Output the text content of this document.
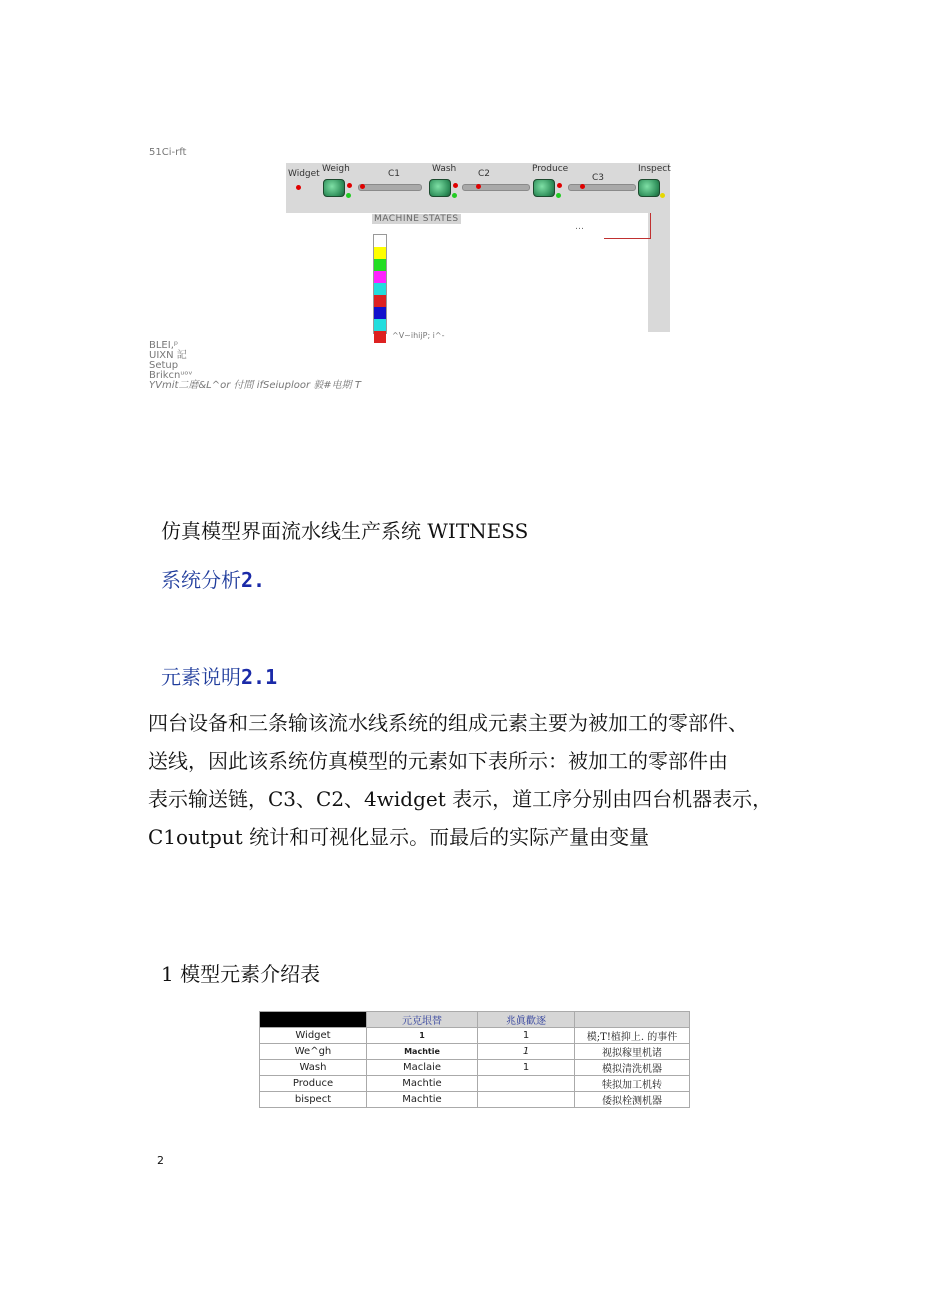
51Ci-rft
Widget Weigh	C1	Wash C2	Produce
C3
Inspect
…
MACHINE STATES
^V~ihijP; i^-
BLEI,ᵖ
UIXN 記
Setup
Brikcnᵘᵒᵛ
YVmit二磨&L^or 付間 ifSeiuploor 毅#电期 T
仿真模型界面流水线生产系统 WITNESS
系统分析2.
元素说明2.1
四台设备和三条输该流水线系统的组成元素主要为被加工的零部件、
送线，因此该系统仿真模型的元素如下表所示：被加工的零部件由
表示输送链，C3、C2、4widget 表示，道工序分别由四台机器表示，
C1output 统计和可视化显示。而最后的实际产量由变量
1 模型元素介绍表
	元克垠替	兆眞歡逐	
Widget	1	1	模;T!植抑上. 的事件
We^gh	Machtie	1	视拟稼里机诸
Wash	Maclaie	1	模拟清洗机器
Produce	Machtie		犊拟加工机转
bispect	Machtie		倭拟栓测机器
2
